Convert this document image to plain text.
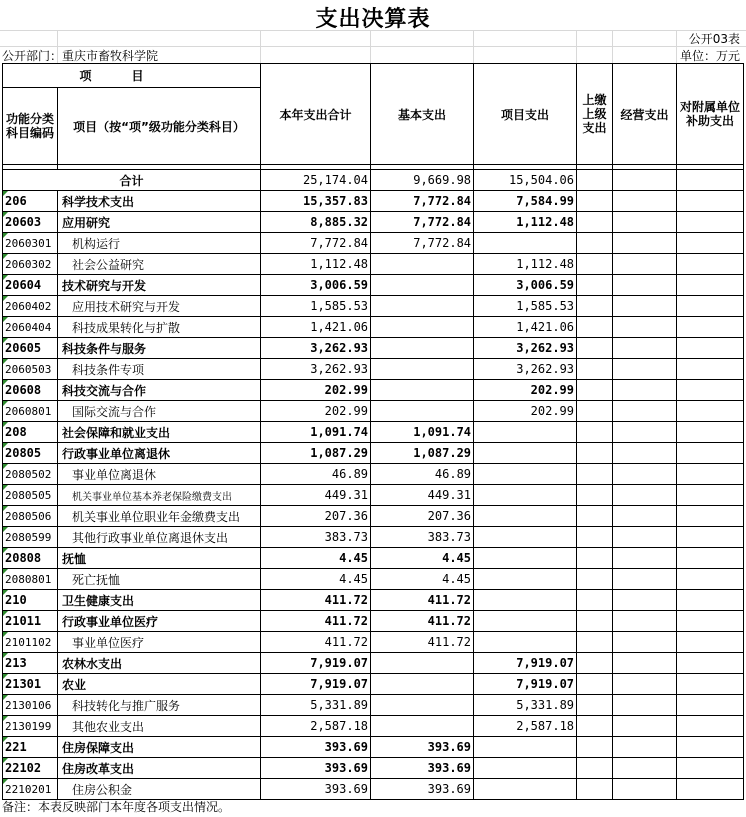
支出决算表
公开03表
公开部门：重庆市畜牧科学院	单位：万元
项目		本年支出合计	基本支出	项目支出	上缴上级支出	经营支出	对附属单位补助支出
功能分类科目编码	项目（按“项”级功能分类科目）						

合计		25,174.04	9,669.98	15,504.06			
206	科学技术支出	15,357.83	7,772.84	7,584.99			
20603	应用研究	8,885.32	7,772.84	1,112.48			
2060301	机构运行	7,772.84	7,772.84				
2060302	社会公益研究	1,112.48		1,112.48			
20604	技术研究与开发	3,006.59		3,006.59			
2060402	应用技术研究与开发	1,585.53		1,585.53			
2060404	科技成果转化与扩散	1,421.06		1,421.06			
20605	科技条件与服务	3,262.93		3,262.93			
2060503	科技条件专项	3,262.93		3,262.93			
20608	科技交流与合作	202.99		202.99			
2060801	国际交流与合作	202.99		202.99			
208	社会保障和就业支出	1,091.74	1,091.74				
20805	行政事业单位离退休	1,087.29	1,087.29				
2080502	事业单位离退休	46.89	46.89				
2080505	机关事业单位基本养老保险缴费支出	449.31	449.31				
2080506	机关事业单位职业年金缴费支出	207.36	207.36				
2080599	其他行政事业单位离退休支出	383.73	383.73				
20808	抚恤	4.45	4.45				
2080801	死亡抚恤	4.45	4.45				
210	卫生健康支出	411.72	411.72				
21011	行政事业单位医疗	411.72	411.72				
2101102	事业单位医疗	411.72	411.72				
213	农林水支出	7,919.07		7,919.07			
21301	农业	7,919.07		7,919.07			
2130106	科技转化与推广服务	5,331.89		5,331.89			
2130199	其他农业支出	2,587.18		2,587.18			
221	住房保障支出	393.69	393.69				
22102	住房改革支出	393.69	393.69				
2210201	住房公积金	393.69	393.69				
备注：本表反映部门本年度各项支出情况。
